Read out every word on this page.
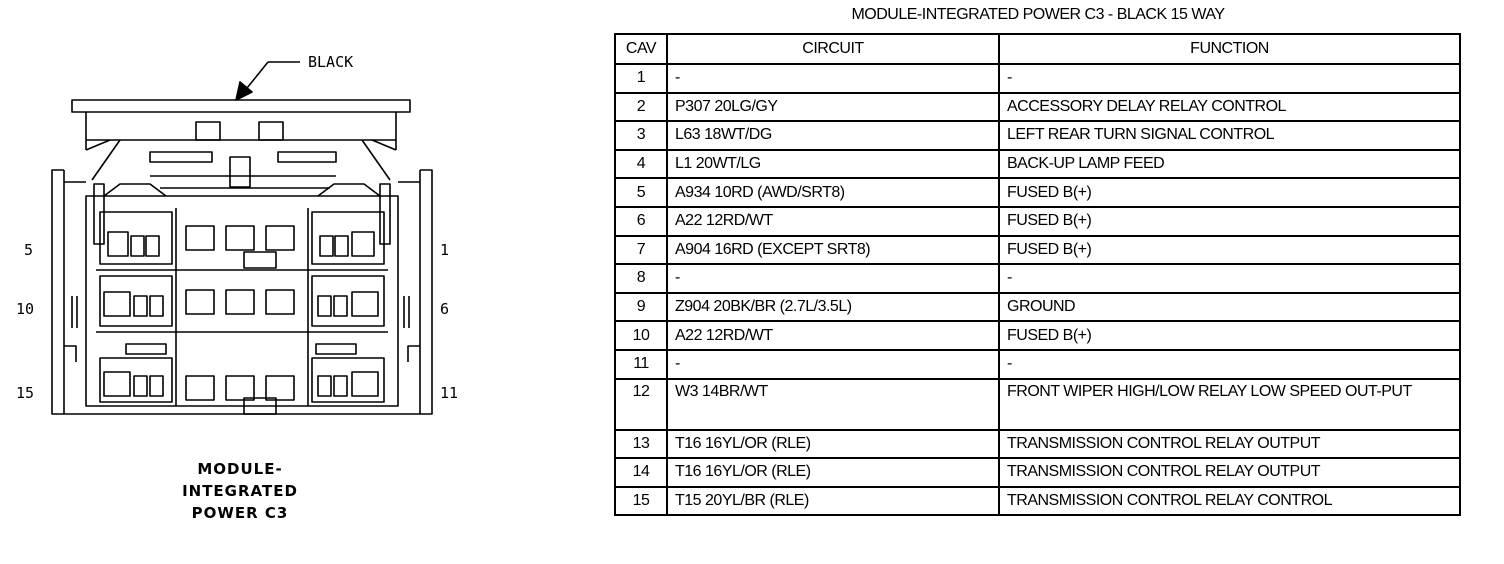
BLACK
5
10
15
1
6
11
MODULE-
INTEGRATED
POWER C3
MODULE-INTEGRATED POWER C3 - BLACK 15 WAY
CAV	CIRCUIT	FUNCTION
1	-	-
2	P307 20LG/GY	ACCESSORY DELAY RELAY CONTROL
3	L63 18WT/DG	LEFT REAR TURN SIGNAL CONTROL
4	L1 20WT/LG	BACK-UP LAMP FEED
5	A934 10RD (AWD/SRT8)	FUSED B(+)
6	A22 12RD/WT	FUSED B(+)
7	A904 16RD (EXCEPT SRT8)	FUSED B(+)
8	-	-
9	Z904 20BK/BR (2.7L/3.5L)	GROUND
10	A22 12RD/WT	FUSED B(+)
11	-	-
12	W3 14BR/WT	FRONT WIPER HIGH/LOW RELAY LOW SPEED OUT-PUT
13	T16 16YL/OR (RLE)	TRANSMISSION CONTROL RELAY OUTPUT
14	T16 16YL/OR (RLE)	TRANSMISSION CONTROL RELAY OUTPUT
15	T15 20YL/BR (RLE)	TRANSMISSION CONTROL RELAY CONTROL
